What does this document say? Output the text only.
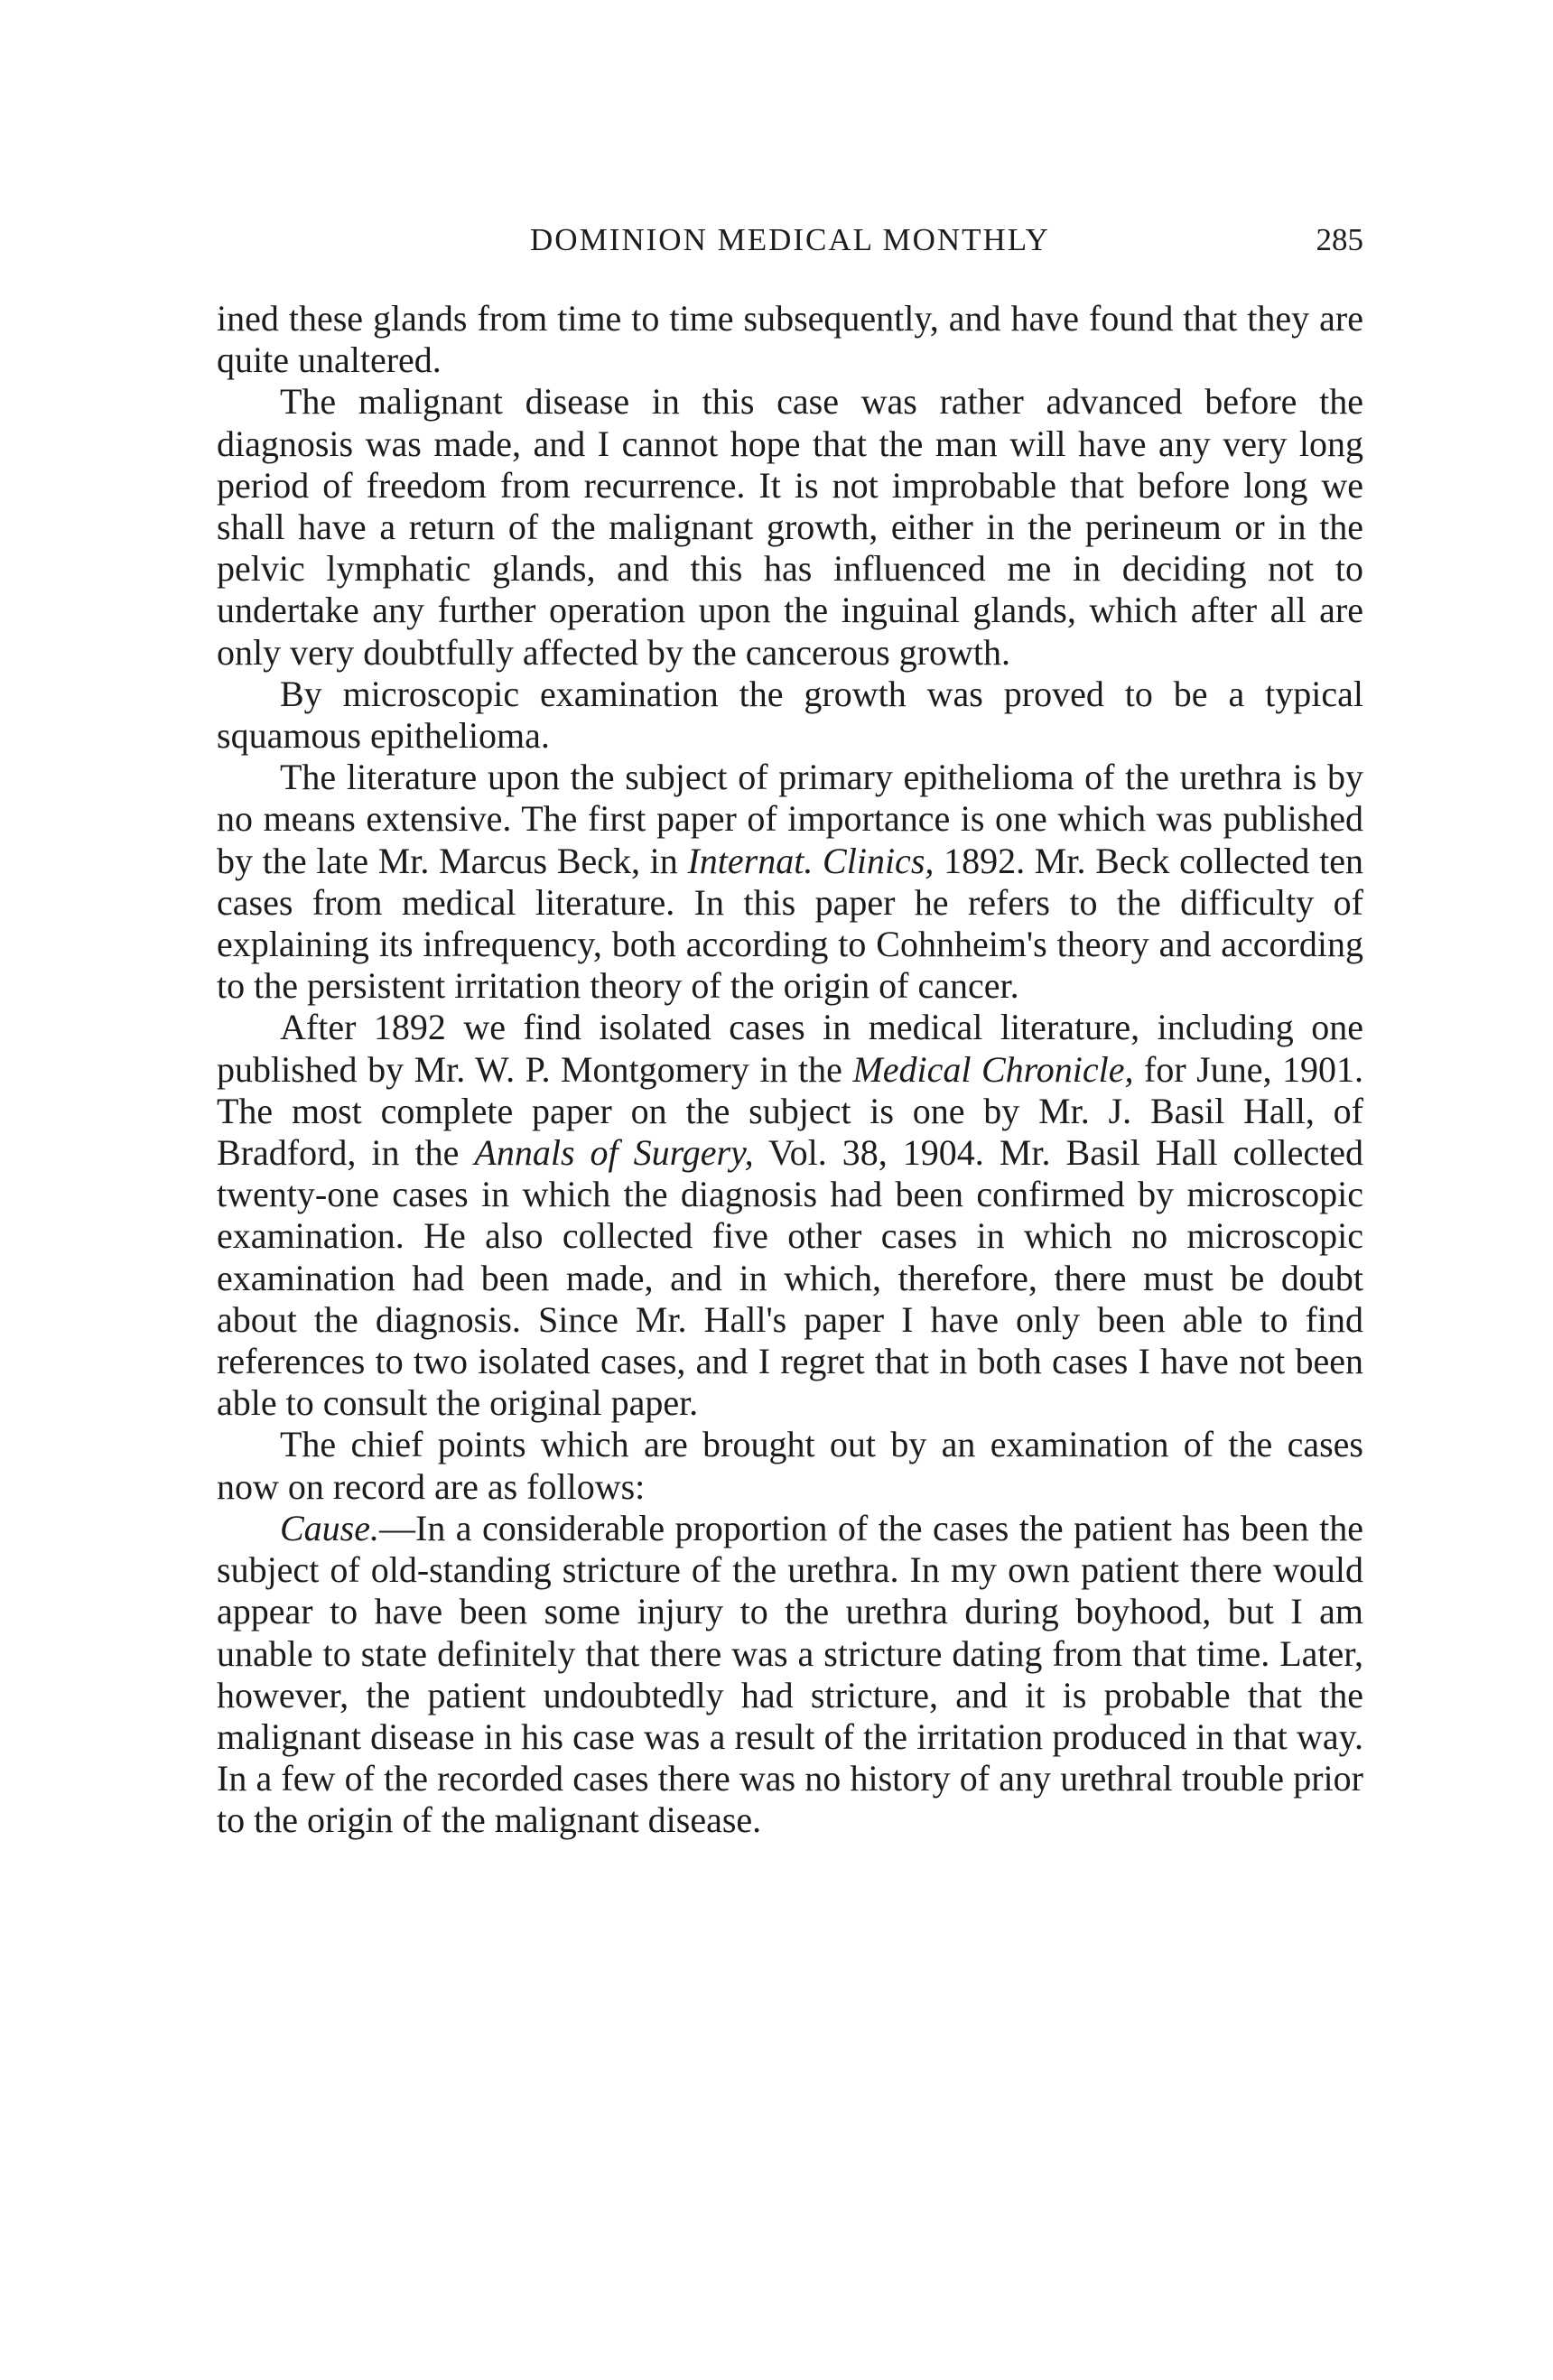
DOMINION MEDICAL MONTHLY	285

ined these glands from time to time subsequently, and have found that they are quite unaltered.

The malignant disease in this case was rather advanced before the diagnosis was made, and I cannot hope that the man will have any very long period of freedom from recurrence. It is not improbable that before long we shall have a return of the malignant growth, either in the perineum or in the pelvic lymphatic glands, and this has influenced me in deciding not to undertake any further operation upon the inguinal glands, which after all are only very doubtfully affected by the cancerous growth.

By microscopic examination the growth was proved to be a typical squamous epithelioma.

The literature upon the subject of primary epithelioma of the urethra is by no means extensive. The first paper of importance is one which was published by the late Mr. Marcus Beck, in Internat. Clinics, 1892. Mr. Beck collected ten cases from medical literature. In this paper he refers to the difficulty of explaining its infrequency, both according to Cohnheim's theory and according to the persistent irritation theory of the origin of cancer.

After 1892 we find isolated cases in medical literature, including one published by Mr. W. P. Montgomery in the Medical Chronicle, for June, 1901. The most complete paper on the subject is one by Mr. J. Basil Hall, of Bradford, in the Annals of Surgery, Vol. 38, 1904. Mr. Basil Hall collected twenty-one cases in which the diagnosis had been confirmed by microscopic examination. He also collected five other cases in which no microscopic examination had been made, and in which, therefore, there must be doubt about the diagnosis. Since Mr. Hall's paper I have only been able to find references to two isolated cases, and I regret that in both cases I have not been able to consult the original paper.

The chief points which are brought out by an examination of the cases now on record are as follows:

Cause.—In a considerable proportion of the cases the patient has been the subject of old-standing stricture of the urethra. In my own patient there would appear to have been some injury to the urethra during boyhood, but I am unable to state definitely that there was a stricture dating from that time. Later, however, the patient undoubtedly had stricture, and it is probable that the malignant disease in his case was a result of the irritation produced in that way. In a few of the recorded cases there was no history of any urethral trouble prior to the origin of the malignant disease.
